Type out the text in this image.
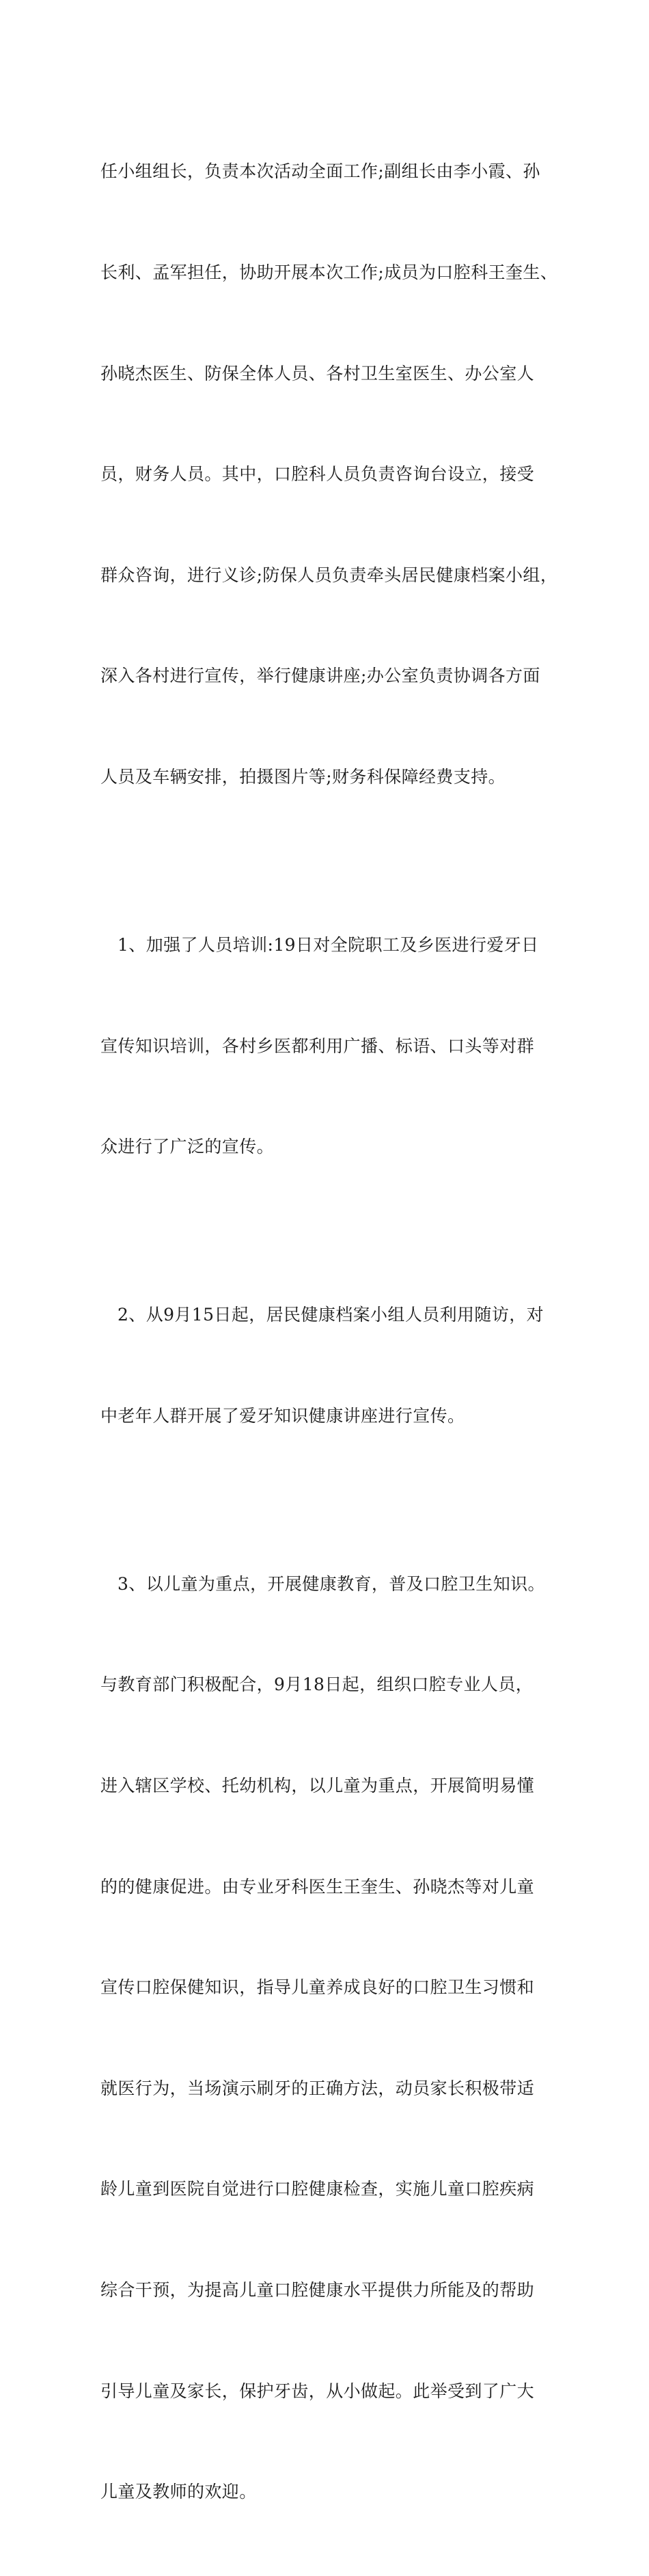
任小组组长，负责本次活动全面工作;副组长由李小霞、孙

长利、孟军担任，协助开展本次工作;成员为口腔科王奎生、

孙晓杰医生、防保全体人员、各村卫生室医生、办公室人

员，财务人员。其中，口腔科人员负责咨询台设立，接受

群众咨询，进行义诊;防保人员负责牵头居民健康档案小组，

深入各村进行宣传，举行健康讲座;办公室负责协调各方面

人员及车辆安排，拍摄图片等;财务科保障经费支持。

1、加强了人员培训:19日对全院职工及乡医进行爱牙日

宣传知识培训，各村乡医都利用广播、标语、口头等对群

众进行了广泛的宣传。

2、从9月15日起，居民健康档案小组人员利用随访，对

中老年人群开展了爱牙知识健康讲座进行宣传。

3、以儿童为重点，开展健康教育，普及口腔卫生知识。

与教育部门积极配合，9月18日起，组织口腔专业人员，

进入辖区学校、托幼机构，以儿童为重点，开展简明易懂

的的健康促进。由专业牙科医生王奎生、孙晓杰等对儿童

宣传口腔保健知识，指导儿童养成良好的口腔卫生习惯和

就医行为，当场演示刷牙的正确方法，动员家长积极带适

龄儿童到医院自觉进行口腔健康检查，实施儿童口腔疾病

综合干预，为提高儿童口腔健康水平提供力所能及的帮助

引导儿童及家长，保护牙齿，从小做起。此举受到了广大

儿童及教师的欢迎。
